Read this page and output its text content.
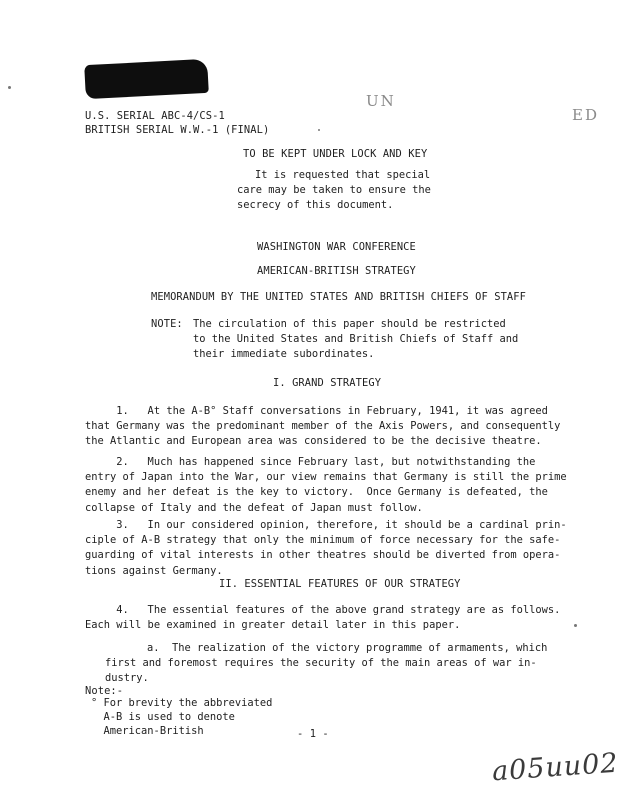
U.S. SERIAL ABC-4/CS-1
BRITISH SERIAL W.W.-1 (FINAL)
UN
ED
TO BE KEPT UNDER LOCK AND KEY
It is requested that special
care may be taken to ensure the
secrecy of this document.
WASHINGTON WAR CONFERENCE
AMERICAN-BRITISH STRATEGY
MEMORANDUM BY THE UNITED STATES AND BRITISH CHIEFS OF STAFF
NOTE: The circulation of this paper should be restricted
to the United States and British Chiefs of Staff and
their immediate subordinates.
I. GRAND STRATEGY
1.   At the A-B° Staff conversations in February, 1941, it was agreed
that Germany was the predominant member of the Axis Powers, and consequently
the Atlantic and European area was considered to be the decisive theatre.
2.   Much has happened since February last, but notwithstanding the
entry of Japan into the War, our view remains that Germany is still the prime
enemy and her defeat is the key to victory.  Once Germany is defeated, the
collapse of Italy and the defeat of Japan must follow.
3.   In our considered opinion, therefore, it should be a cardinal prin-
ciple of A-B strategy that only the minimum of force necessary for the safe-
guarding of vital interests in other theatres should be diverted from opera-
tions against Germany.
II. ESSENTIAL FEATURES OF OUR STRATEGY
4.   The essential features of the above grand strategy are as follows.
Each will be examined in greater detail later in this paper.
a.  The realization of the victory programme of armaments, which
first and foremost requires the security of the main areas of war in-
dustry.
Note:-
° For brevity the abbreviated
A-B is used to denote
American-British	- 1 -
a05uu02
